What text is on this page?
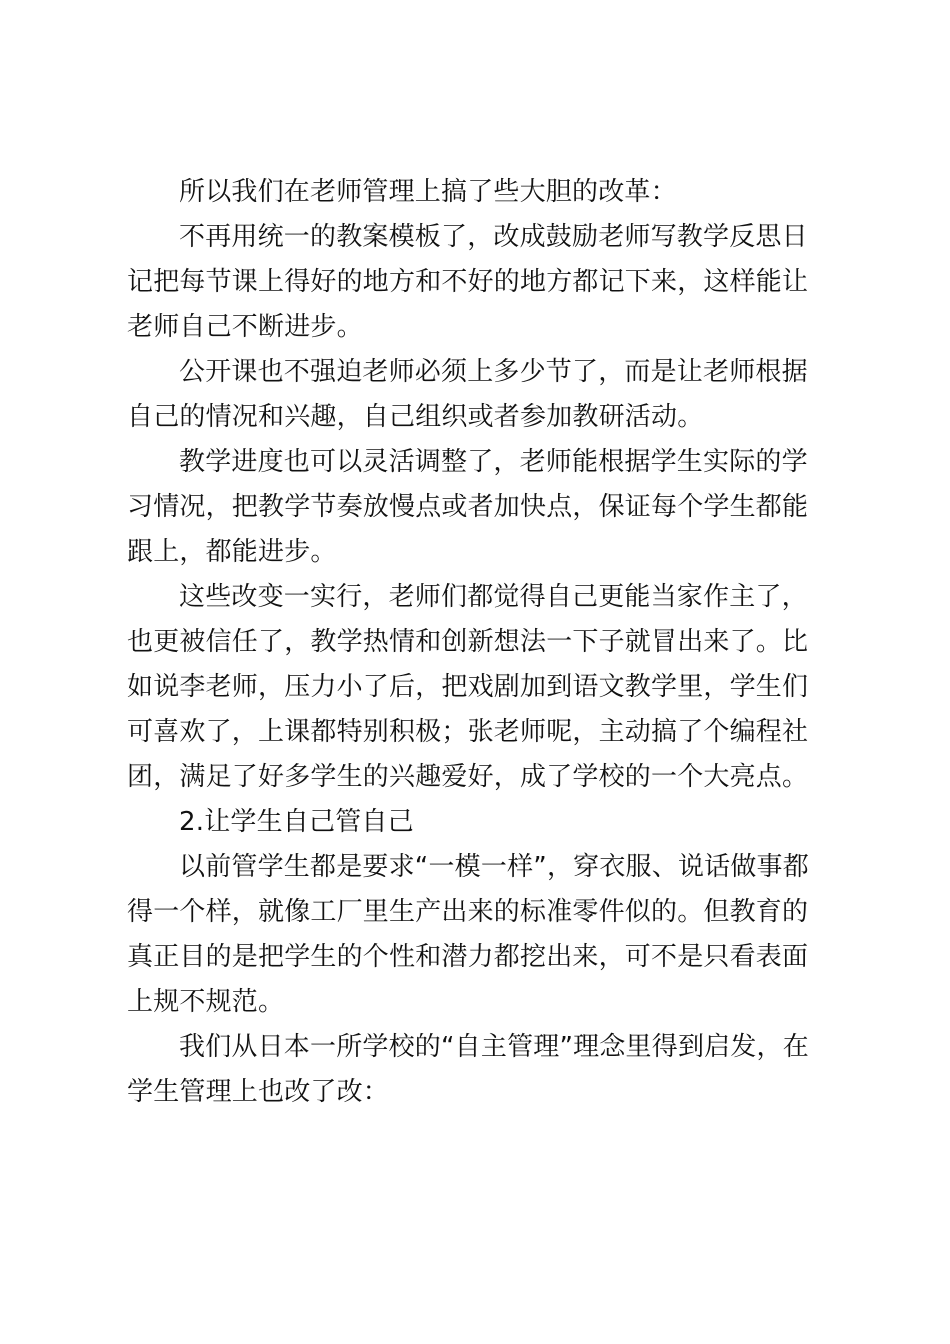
所以我们在老师管理上搞了些大胆的改革：

不再用统一的教案模板了，改成鼓励老师写教学反思日记把每节课上得好的地方和不好的地方都记下来，这样能让老师自己不断进步。

公开课也不强迫老师必须上多少节了，而是让老师根据自己的情况和兴趣，自己组织或者参加教研活动。

教学进度也可以灵活调整了，老师能根据学生实际的学习情况，把教学节奏放慢点或者加快点，保证每个学生都能跟上，都能进步。

这些改变一实行，老师们都觉得自己更能当家作主了，也更被信任了，教学热情和创新想法一下子就冒出来了。比如说李老师，压力小了后，把戏剧加到语文教学里，学生们可喜欢了，上课都特别积极；张老师呢，主动搞了个编程社团，满足了好多学生的兴趣爱好，成了学校的一个大亮点。

2.让学生自己管自己

以前管学生都是要求“一模一样”，穿衣服、说话做事都得一个样，就像工厂里生产出来的标准零件似的。但教育的真正目的是把学生的个性和潜力都挖出来，可不是只看表面上规不规范。

我们从日本一所学校的“自主管理”理念里得到启发，在学生管理上也改了改：
